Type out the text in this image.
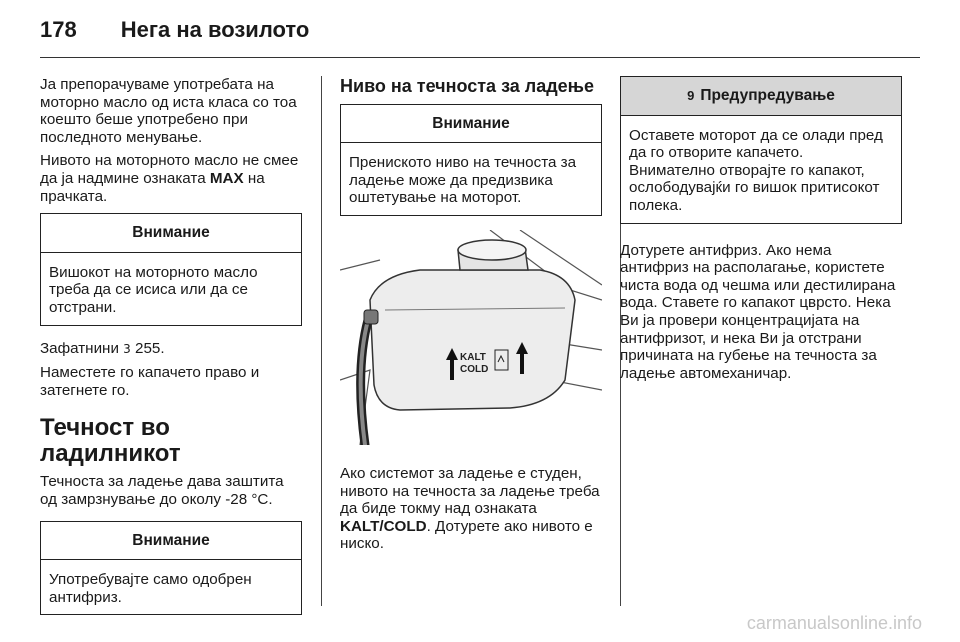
178 Нега на возилото

Ја препорачуваме употребата на моторно масло од иста класа со тоа коешто беше употребено при последното менување.

Нивото на моторното масло не смее да ја надмине ознаката MAX на прачката.

Внимание
Вишокот на моторното масло треба да се исиса или да се отстрани.

Зафатнини 3 255.

Наместете го капачето право и затегнете го.

Течност во ладилникот

Течноста за ладење дава заштита од замрзнување до околу -28 °C.

Внимание
Употребувајте само одобрен антифриз.
Ниво на течноста за ладење
Внимание
Прениското ниво на течноста за ладење може да предизвика оштетување на моторот.
KALT
COLD

Ако системот за ладење е студен, нивото на течноста за ладење треба да биде токму над ознаката KALT/COLD. Дотурете ако нивото е ниско.

9 Предупредување
Оставете моторот да се олади пред да го отворите капачето. Внимателно отворајте го капакот, ослободувајќи го вишок притисокот полека.

Дотурете антифриз. Ако нема антифриз на располагање, користете чиста вода од чешма или дестилирана вода. Ставете го капакот цврсто. Нека Ви ја провери концентрацијата на антифризот, и нека Ви ја отстрани причината на губење на течноста за ладење автомеханичар.

carmanualsonline.info
